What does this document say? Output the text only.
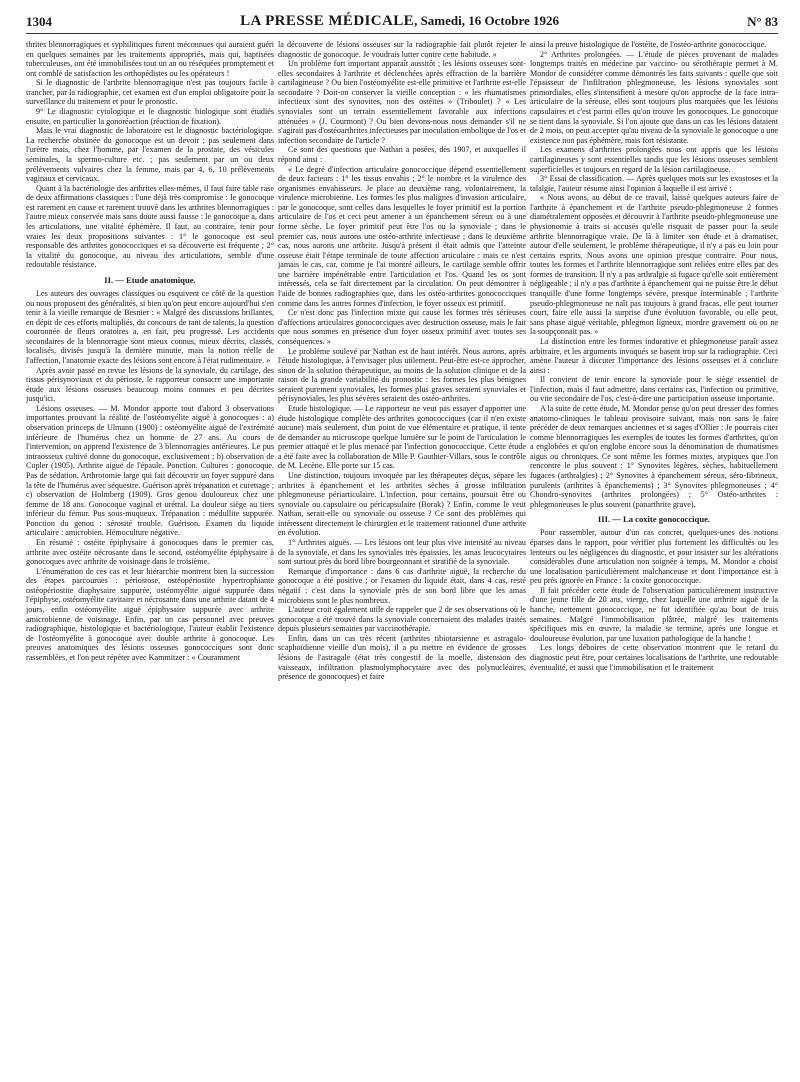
1304	LA PRESSE MÉDICALE, Samedi, 16 Octobre 1926	N° 83

thrites blennorragiques et syphilitiques furent méconnues qui auraient guéri en quelques semaines par les traitements appropriés, mais qui, baptisées tuberculeuses, ont été immobilisées tout un an ou réséquées promptement et ont comblé de satisfaction les orthopédistes ou les opérateurs !

Si le diagnostic de l'arthrite blennorragique n'est pas toujours facile à trancher, par la radiographie, cet examen est d'un emploi obligatoire pour la surveillance du traitement et pour le pronostic.

9° Le diagnostic cytologique et le diagnostic biologique sont étudiés ensuite, en particulier la gonoréaction (réaction de fixation).

Mais le vrai diagnostic de laboratoire est le diagnostic bactériologique. La recherche obstinée du gonocoque est un devoir ; pas seulement dans l'urètre mais, chez l'homme, par l'examen de la prostate, des vésicules séminales, la spermo-culture etc. ; pas seulement par un ou deux prélèvements vulvaires chez la femme, mais par 4, 6, 10 prélèvements vaginaux et cervicaux.

Quant à la bactériologie des arthrites elles-mêmes, il faut faire table rase de deux affirmations classiques : l'une déjà très compromise : le gonocoque est rarement en cause et rarement trouvé dans les arthrites blennorragiques : l'autre mieux conservée mais sans doute aussi fausse : le gonocoque a, dans les articulations, une vitalité éphémère. Il faut, au contraire, tenir pour vraies les deux propositions suivantes : 1° le gonocoque est seul responsable des arthrites gonococciques et sa découverte est fréquente ; 2° la vitalité du gonocoque, au niveau des articulations, semble d'une redoutable résistance.

II. — Etude anatomique.

Les auteurs des ouvrages classiques ou esquivent ce côté de la question ou nous proposent des généralités, si bien qu'on peut encore aujourd'hui s'en tenir à la vieille remarque de Besnier : « Malgré des discussions brillantes, en dépit de ces efforts multipliés, du concours de tant de talents, la question couronnée de fleurs oratoires a, en fait, peu progressé. Les accidents secondaires de la blennorragie sont mieux connus, mieux décrits, classés, localisés, divisés jusqu'à la dernière minutie, mais la notion réelle de l'affection, l'anatomie exacte des lésions sont encore à l'état rudimentaire. »

Après avoir passé en revue les lésions de la synoviale, du cartilage, des tissus périsynoviaux et du périoste, le rapporteur consacre une importante étude aux lésions osseuses beaucoup moins connues et peu décrites jusqu'ici.

Lésions osseuses. — M. Mondor apporte tout d'abord 3 observations importantes prouvant la réalité de l'ostéomyélite aiguë à gonocoques : a) observation princeps de Ulmann (1900) : ostéomyélite aiguë de l'extrémité inférieure de l'humérus chez un homme de 27 ans. Au cours de l'intervention, on apprend l'existence de 3 blennorragies antérieures. Le pus intraosseux cultivé donne du gonocoque, exclusivement ; b) observation de Cupler (1905). Arthrite aiguë de l'épaule. Ponction. Cultures : gonocoque. Pas de sédation. Arthrotomie large qui fait découvrir un foyer suppuré dans la tête de l'humérus avec séquestre. Guérison après trépanation et curettage ; c) observation de Holmberg (1909). Gros genou douloureux chez une femme de 18 ans. Gonocoque vaginal et urétral. La douleur siège au tiers inférieur du fémur. Pus sous-muqueux. Trépanation : médullite suppurée. Ponction du genou : sérosité trouble. Guérison. Examen du liquide articulaire : amicrobien. Hémoculture négative.

En résumé : ostéite épiphysaire à gonocoques dans le premier cas, arthrite avec ostéite nécrosante dans le second, ostéomyélite épiphysaire à gonocoques avec arthrite de voisinage dans le troisième.

L'énumération de ces cas et leur hiérarchie montrent bien la succession des étapes parcourues : périostose, ostéopériostite hypertrophiante ostéopériostite diaphysaire suppurée, ostéomyélite aiguë suppurée dans l'épiphyse, ostéomyélite cavitaire et nécrosante dans une arthrite datant de 4 jours, enfin ostéomyélite aiguë épiphysaire suppurée avec arthrite amicrobienne de voisinage. Enfin, par un cas personnel avec preuves radiographique, histologique et bactériologique, l'auteur établit l'existence de l'ostéomyélite à gonocoque avec double arthrite à gonocoque. Les preuves anatomiques des lésions osseuses gonococciques sont donc rassemblées, et l'on peut répéter avec Kammitzer : « Couramment

la découverte de lésions osseuses sur la radiographie fait plutôt rejeter le diagnostic de gonocoque. Je voudrais lutter contre cette habitude. »

Un problème fort important apparaît aussitôt ; les lésions osseuses sont-elles secondaires à l'arthrite et déclenchées après effraction de la barrière cartilagineuse ? Ou bien l'ostéomyélite est-elle primitive et l'arthrite est-elle secondaire ? Doit-on conserver la vieille conception : « les rhumatismes infectieux sont des synovites, non des ostéites » (Triboulet) ? « Les synoviales sont un terrain essentiellement favorable aux infections atténuées » (J. Courmont) ? Ou bien devons-nous nous demander s'il ne s'agirait pas d'ostéoarthrites infectieuses par inoculation embolique de l'os et infection secondaire de l'article ?

Ce sont des questions que Nathan a posées, dès 1907, et auxquelles il répond ainsi :

« Le degré d'infection articulaire gonococcique dépend essentiellement de deux facteurs : 1° les tissus envahis ; 2° le nombre et la virulence des organismes envahisseurs. Je place au deuxième rang, volontairement, la virulence microbienne. Les formes les plus malignes d'invasion articulaire, par le gonocoque, sont celles dans lesquelles le foyer primitif est la portion articulaire de l'os et ceci peut amener à un épanchement séreux ou à une forme sèche. Le foyer primitif peut être l'os ou la synoviale ; dans le premier cas, nous aurons une ostéo-arthrite infectieuse ; dans le deuxième cas, nous aurons une arthrite. Jusqu'à présent il était admis que l'atteinte osseuse était l'étape terminale de toute affection articulaire : mais ce n'est jamais le cas, car, comme je l'ai montré ailleurs, le cartilage semble offrir une barrière impénétrable entre l'articulation et l'os. Quand les os sont intéressés, cela se fait directement par la circulation. On peut démontrer à l'aide de bonnes radiographies que, dans les ostéo-arthrites gonococciques comme dans les autres formes d'infection, le foyer osseux est primitif.

Ce n'est donc pas l'infection mixte qui cause les formes très sérieuses d'affections articulaires gonococciques avec destruction osseuse, mais le fait que nous sommes en présence d'un foyer osseux primitif avec toutes ses conséquences. »

Le problème soulevé par Nathan est de haut intérêt. Nous aurons, après l'étude histologique, à l'envisager plus utilement. Peut-être est-ce approcher, sinon de la solution thérapeutique, au moins de la solution clinique et de la raison de la grande variabilité du pronostic : les formes les plus bénignes seraient purement synoviales, les formes plus graves seraient synoviales et périsynoviales, les plus sévères seraient des ostéo-arthrites.

Etude histologique. — Le rapporteur ne veut pas essayer d'apporter une étude histologique complète des arthrites gonococciques (car il n'en existe aucune) mais seulement, d'un point de vue élémentaire et pratique, il tente de demander au microscope quelque lumière sur le point de l'articulation le premier attaqué et le plus menacé par l'infection gonococcique. Cette étude a été faite avec la collaboration de Mlle P. Gauthier-Villars, sous le contrôle de M. Lecène. Elle porte sur 15 cas.

Une distinction, toujours invoquée par les thérapeutes déçus, sépare les arthrites à épanchement et les arthrites sèches à grosse infiltration phlegmoneuse périarticulaire. L'infection, pour certains, poursuit être ou synoviale ou capsulaire ou péricapsulaire (Borak) ? Enfin, comme le veut Nathan, serait-elle ou synoviale ou osseuse ? Ce sont des problèmes qui intéressent directement le chirurgien et le traitement rationnel d'une arthrite en évolution.

1° Arthrites aiguës. — Les lésions ont leur plus vive intensité au niveau de la synoviale, et dans les synoviales très épaissies, les amas leucocytaires sont surtout près du bord libre bourgeonnant et stratifié de la synoviale.

Remarque d'importance : dans 6 cas d'arthrite aiguë, la recherche du gonocoque a été positive ; or l'examen du liquide était, dans 4 cas, resté négatif ; c'est dans la synoviale près de son bord libre que les amas microbiens sont le plus nombreux.

L'auteur croit également utile de rappeler que 2 de ses observations où le gonocoque a été trouvé dans la synoviale concernaient des malades traités depuis plusieurs semaines par vaccinothérapie.

Enfin, dans un cas très récent (arthrites tibiotarsienne et astragalo-scaphoïdienne vieille d'un mois), il a pu mettre en évidence de grosses lésions de l'astragale (état très congestif de la moelle, distension des vaisseaux, infiltration plasmolymphocytaire avec des polynucléaires, présence de gonocoques) et faire

ainsi la preuve histologique de l'ostéite, de l'ostéo-arthrite gonococcique.

2° Arthrites prolongées. — L'étude de pièces provenant de malades longtemps traités en médecine par vaccino- ou sérothérapie permet à M. Mondor de considérer comme démontrés les faits suivants : quelle que soit l'épaisseur de l'infiltration phlegmoneuse, les lésions synoviales sont primordiales, elles s'intensifient à mesure qu'on approche de la face intra-articulaire de la séreuse, elles sont toujours plus marquées que les lésions capsulaires et c'est parmi elles qu'on trouve les gonocoques. Le gonocoque se tient dans la synoviale. Si l'on ajoute que dans un cas les lésions dataient de 2 mois, on peut accepter qu'au niveau de la synoviale le gonocoque a une existence non pas éphémère, mais fort résistante.

Les examens d'arthrites prolongées nous ont appris que les lésions cartilagineuses y sont essentielles tandis que les lésions osseuses semblent superficielles et toujours en regard de la lésion cartilagineuse.

3° Essai de classification. — Après quelques mots sur les exostoses et la talalgie, l'auteur résume ainsi l'opinion à laquelle il est arrivé :

« Nous avons, au début de ce travail, laissé quelques auteurs faire de l'arthrite à épanchement et de l'arthrite pseudo-phlegmoneuse 2 formes diamétralement opposées et découvrir à l'arthrite pseudo-phlegmoneuse une physionomie à traits si accusés qu'elle risquait de passer pour la seule arthrite blennorragique vraie. De là à limiter son étude et à dramatiser, autour d'elle seulement, le problème thérapeutique, il n'y a pas eu loin pour certains esprits. Nous avons une opinion presque contraire. Pour nous, toutes les formes et l'arthrite blennorragique sont reliées entre elles par des formes de transition. Il n'y a pas arthralgie si fugace qu'elle soit entièrement négligeable ; il n'y a pas d'arthrite à épanchement qui ne puisse être le début tranquille d'une forme longtemps sévère, presque interminable ; l'arthrite pseudo-phlegmoneuse ne naît pas toujours à grand fracas, elle peut tourner court, faire elle aussi la surprise d'une évolution favorable, ou elle peut, sans phase aiguë véritable, phlegmon ligneux, mordre gravement où on ne la soupçonnait pas. »

La distinction entre les formes indurative et phlegmoneuse paraît assez arbitraire, et les arguments invoqués se basent trop sur la radiographie. Ceci amène l'auteur à discuter l'importance des lésions osseuses et à conclure ainsi :

Il convient de tenir encore la synoviale pour le siège essentiel de l'infection, mais il faut admettre, dans certains cas, l'infection ou primitive, ou vite secondaire de l'os, c'est-à-dire une participation osseuse importante.

A la suite de cette étude, M. Mondor pense qu'on peut dresser des formes anatomo-cliniques le tableau provisoire suivant, mais non sans le faire précéder de deux remarques anciennes et si sages d'Ollier : Je pourrais citer comme blennorragiques les exemples de toutes les formes d'arthrites, qu'on a englobées et qu'on englobe encore sous la dénomination de rhumatismes aigus ou chroniques. Ce sont même les formes mixtes, atypiques que l'on rencontre le plus souvent : 1° Synovites légères, sèches, habituellement fugaces (arthralgies) ; 2° Synovites à épanchement séreux, séro-fibrineux, purulents (arthrites à épanchements) ; 3° Synovites phlegmoneuses ; 4° Chondro-synovites (arthrites prolongées) ; 5° Ostéo-arthrites : phlegmoneuses le plus souvent (panarthrite grave).

III. — La coxite gonococcique.

Pour rassembler, autour d'un cas concret, quelques-unes des notions éparses dans le rapport, pour vérifier plus fortement les difficultés ou les lenteurs ou les négligences du diagnostic, et pour insister sur les altérations considérables d'une articulation non soignée à temps, M. Mondor a choisi une localisation particulièrement malchanceuse et dont l'importance est à peu près ignorée en France : la coxite gonococcique.

Il fait précéder cette étude de l'observation particulièrement instructive d'une jeune fille de 20 ans, vierge, chez laquelle une arthrite aiguë de la hanche, nettement gonococcique, ne fut identifiée qu'au bout de trois semaines. Malgré l'immobilisation plâtrée, malgré les traitements spécifiques mis en œuvre, la maladie se termine, après une longue et douloureuse évolution, par une luxation pathologique de la hanche !

Les longs déboires de cette observation montrent que le retard du diagnostic peut être, pour certaines localisations de l'arthrite, une redoutable éventualité, et aussi que l'immobilisation et le traitement
